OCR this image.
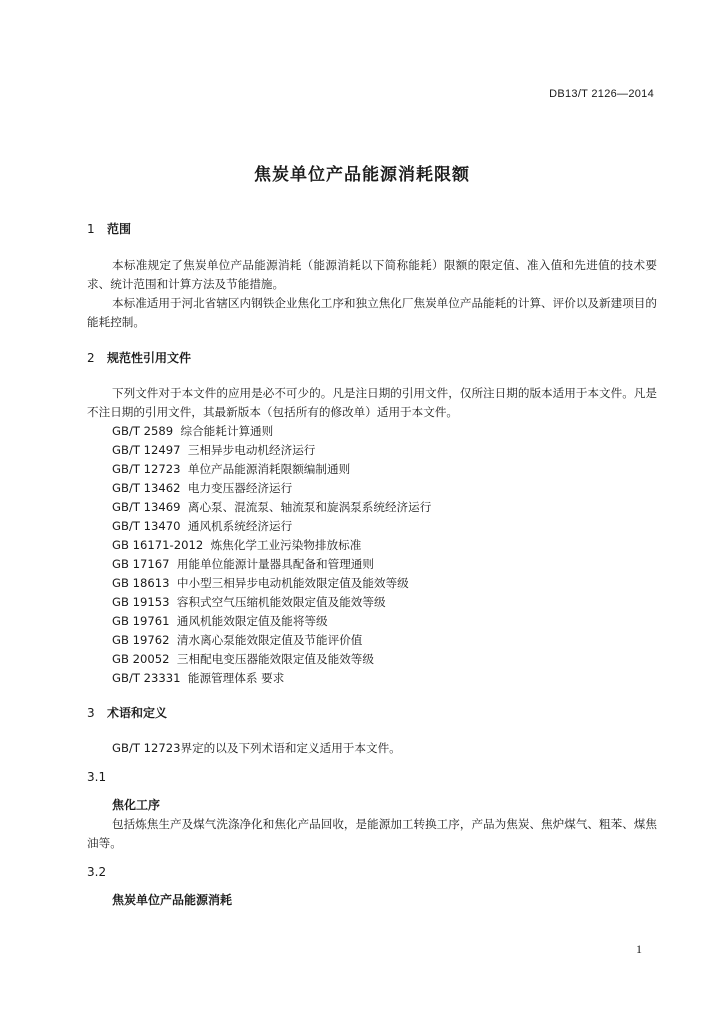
DB13/T 2126—2014
焦炭单位产品能源消耗限额
1 范围

本标准规定了焦炭单位产品能源消耗（能源消耗以下简称能耗）限额的限定值、准入值和先进值的技术要求、统计范围和计算方法及节能措施。

本标准适用于河北省辖区内钢铁企业焦化工序和独立焦化厂焦炭单位产品能耗的计算、评价以及新建项目的能耗控制。

2 规范性引用文件

下列文件对于本文件的应用是必不可少的。凡是注日期的引用文件，仅所注日期的版本适用于本文件。凡是不注日期的引用文件，其最新版本（包括所有的修改单）适用于本文件。

GB/T 2589  综合能耗计算通则
GB/T 12497  三相异步电动机经济运行
GB/T 12723  单位产品能源消耗限额编制通则
GB/T 13462  电力变压器经济运行
GB/T 13469  离心泵、混流泵、轴流泵和旋涡泵系统经济运行
GB/T 13470  通风机系统经济运行
GB 16171-2012  炼焦化学工业污染物排放标准
GB 17167  用能单位能源计量器具配备和管理通则
GB 18613  中小型三相异步电动机能效限定值及能效等级
GB 19153  容积式空气压缩机能效限定值及能效等级
GB 19761  通风机能效限定值及能将等级
GB 19762  清水离心泵能效限定值及节能评价值
GB 20052  三相配电变压器能效限定值及能效等级
GB/T 23331  能源管理体系 要求
3 术语和定义

GB/T 12723界定的以及下列术语和定义适用于本文件。

3.1
焦化工序

包括炼焦生产及煤气洗涤净化和焦化产品回收，是能源加工转换工序，产品为焦炭、焦炉煤气、粗苯、煤焦油等。

3.2
焦炭单位产品能源消耗
1
